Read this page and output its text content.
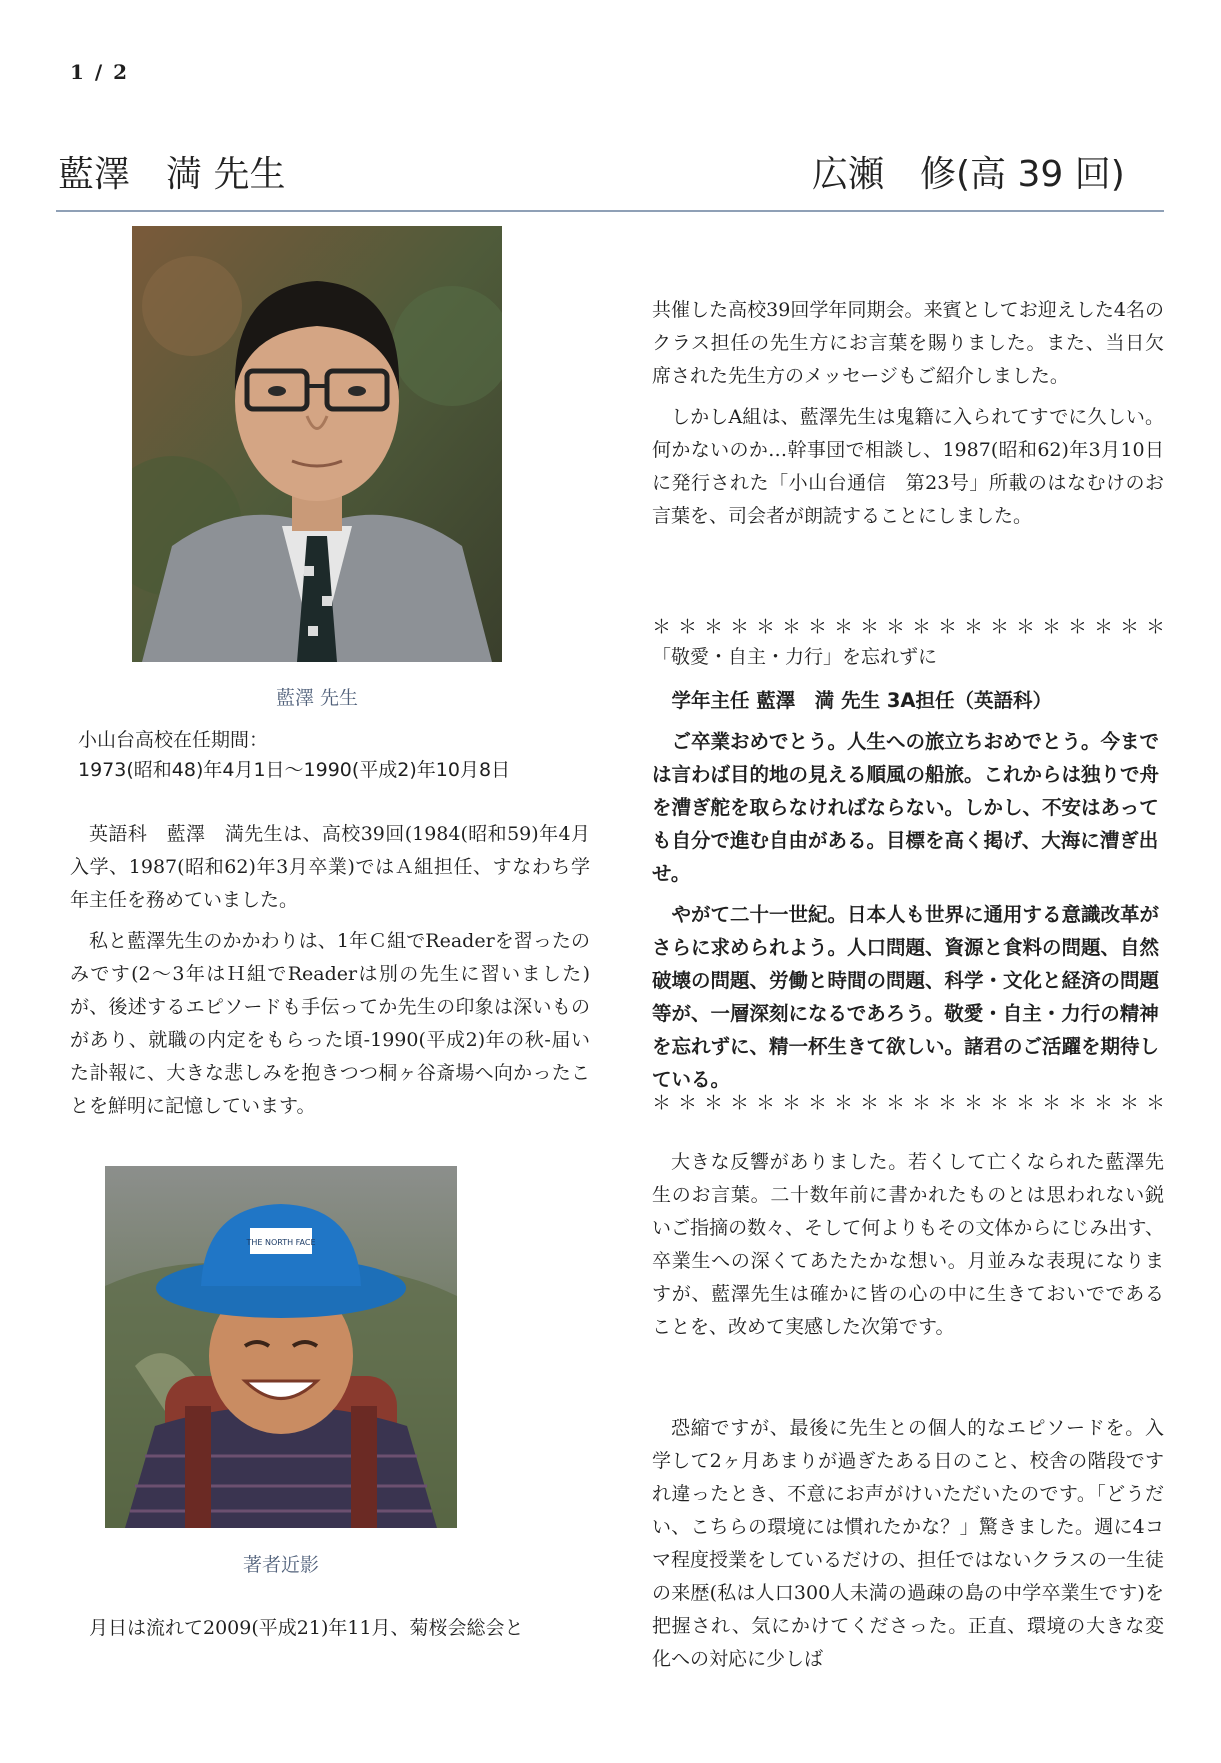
1 / 2
藍澤　満 先生	広瀬　修(高 39 回)
藍澤 先生
小山台高校在任期間：
1973(昭和48)年4月1日～1990(平成2)年10月8日

英語科　藍澤　満先生は、高校39回(1984(昭和59)年4月入学、1987(昭和62)年3月卒業)ではＡ組担任、すなわち学年主任を務めていました。

私と藍澤先生のかかわりは、1年Ｃ組でReaderを習ったのみです(2～3年はＨ組でReaderは別の先生に習いました)が、後述するエピソードも手伝ってか先生の印象は深いものがあり、就職の内定をもらった頃-1990(平成2)年の秋-届いた訃報に、大きな悲しみを抱きつつ桐ヶ谷斎場へ向かったことを鮮明に記憶しています。

THE NORTH FACE
著者近影

月日は流れて2009(平成21)年11月、菊桜会総会と

共催した高校39回学年同期会。来賓としてお迎えした4名のクラス担任の先生方にお言葉を賜りました。また、当日欠席された先生方のメッセージもご紹介しました。

しかしA組は、藍澤先生は鬼籍に入られてすでに久しい。何かないのか…幹事団で相談し、1987(昭和62)年3月10日に発行された「小山台通信　第23号」所載のはなむけのお言葉を、司会者が朗読することにしました。

＊＊＊＊＊＊＊＊＊＊＊＊＊＊＊＊＊＊＊＊
「敬愛・自主・力行」を忘れずに

学年主任 藍澤　満 先生 3A担任（英語科）

ご卒業おめでとう。人生への旅立ちおめでとう。今までは言わば目的地の見える順風の船旅。これからは独りで舟を漕ぎ舵を取らなければならない。しかし、不安はあっても自分で進む自由がある。目標を高く掲げ、大海に漕ぎ出せ。

やがて二十一世紀。日本人も世界に通用する意識改革がさらに求められよう。人口問題、資源と食料の問題、自然破壊の問題、労働と時間の問題、科学・文化と経済の問題等が、一層深刻になるであろう。敬愛・自主・力行の精神を忘れずに、精一杯生きて欲しい。諸君のご活躍を期待している。

＊＊＊＊＊＊＊＊＊＊＊＊＊＊＊＊＊＊＊＊

大きな反響がありました。若くして亡くなられた藍澤先生のお言葉。二十数年前に書かれたものとは思われない鋭いご指摘の数々、そして何よりもその文体からにじみ出す、卒業生への深くてあたたかな想い。月並みな表現になりますが、藍澤先生は確かに皆の心の中に生きておいでであることを、改めて実感した次第です。

恐縮ですが、最後に先生との個人的なエピソードを。入学して2ヶ月あまりが過ぎたある日のこと、校舎の階段ですれ違ったとき、不意にお声がけいただいたのです。「どうだい、こちらの環境には慣れたかな？」驚きました。週に4コマ程度授業をしているだけの、担任ではないクラスの一生徒の来歴(私は人口300人未満の過疎の島の中学卒業生です)を把握され、気にかけてくださった。正直、環境の大きな変化への対応に少しば
